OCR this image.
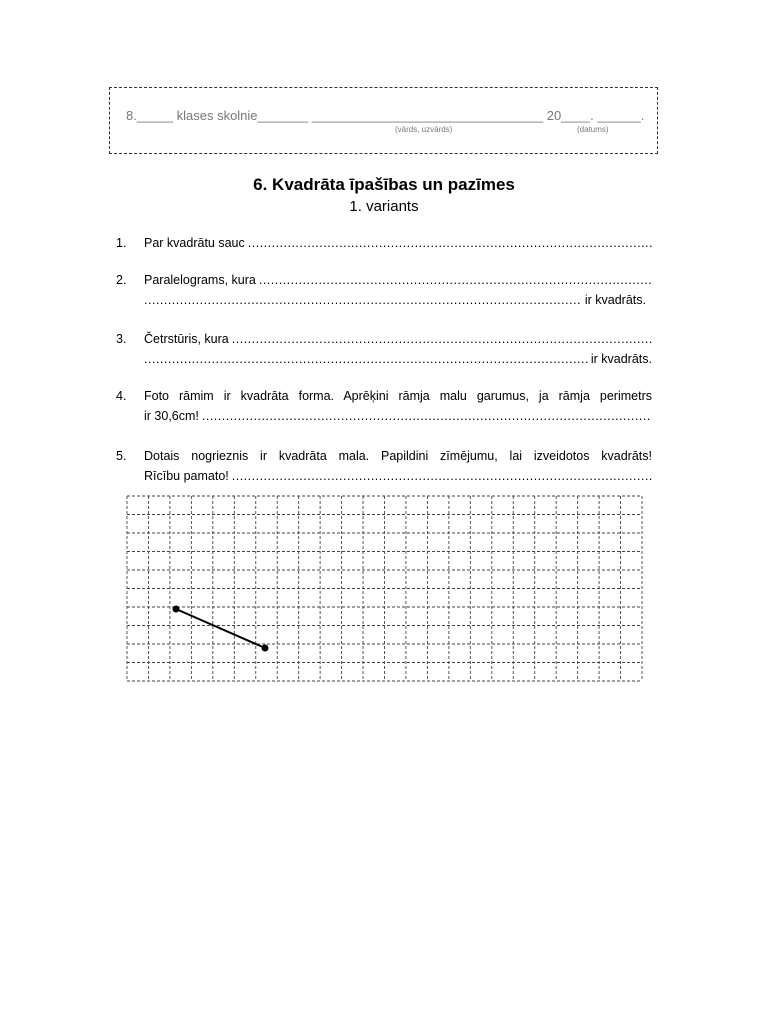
8._____ klases skolnie_______ ________________________________ 20____. ______.
(vārds, uzvārds)	(datums)
6. Kvadrāta īpašības un pazīmes
1. variants
1. Par kvadrātu sauc
.....
2. Paralelograms, kura
.....
.....
ir kvadrāts.
3. Četrstūris, kura
.....
.....
ir kvadrāts.
4. Foto rāmim ir kvadrāta forma. Aprēķini rāmja malu garumus, ja rāmja perimetrs
ir 30,6cm!
.....
5. Dotais nogrieznis ir kvadrāta mala. Papildini zīmējumu, lai izveidotos kvadrāts!
Rīcību pamato!
.....
